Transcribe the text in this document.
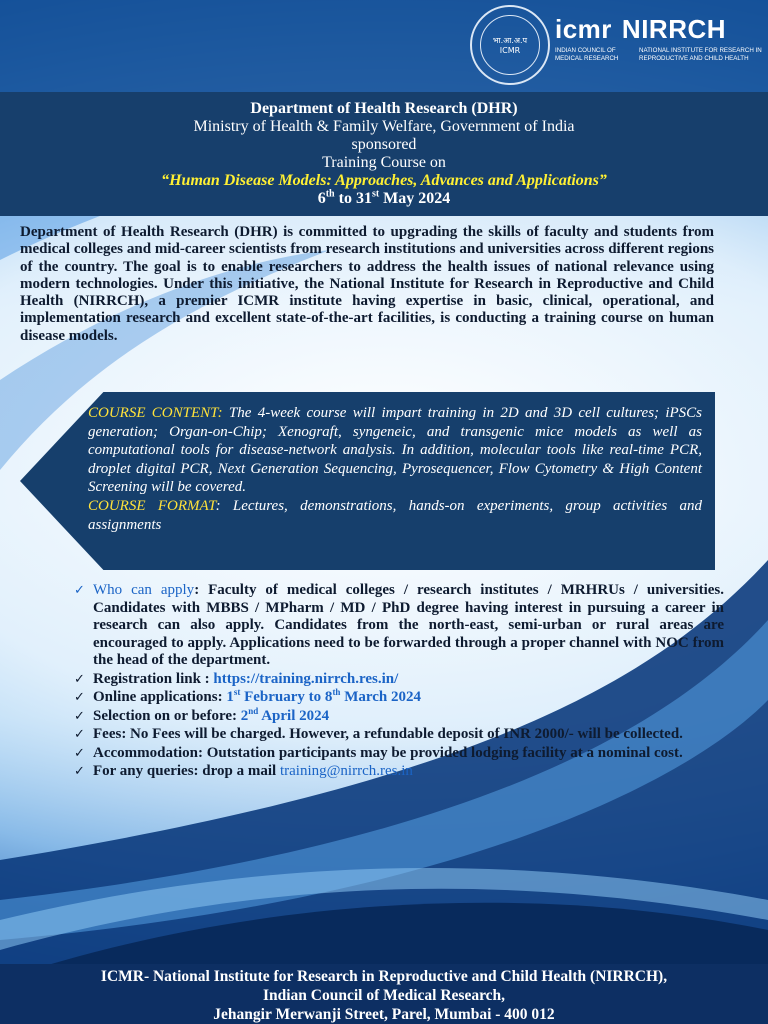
भा.आ.अ.प
ICMR
icmr NIRRCH
INDIAN COUNCIL OF MEDICAL RESEARCH
NATIONAL INSTITUTE FOR RESEARCH IN REPRODUCTIVE AND CHILD HEALTH
Department of Health Research (DHR)
Ministry of Health & Family Welfare, Government of India
sponsored
Training Course on
“Human Disease Models: Approaches, Advances and Applications”
6th to 31st May 2024
Department of Health Research (DHR) is committed to upgrading the skills of faculty and students from medical colleges and mid-career scientists from research institutions and universities across different regions of the country. The goal is to enable researchers to address the health issues of national relevance using modern technologies. Under this initiative, the National Institute for Research in Reproductive and Child Health (NIRRCH), a premier ICMR institute having expertise in basic, clinical, operational, and implementation research and excellent state-of-the-art facilities, is conducting a training course on human disease models.
COURSE CONTENT: The 4-week course will impart training in 2D and 3D cell cultures; iPSCs generation; Organ-on-Chip; Xenograft, syngeneic, and transgenic mice models as well as computational tools for disease-network analysis. In addition, molecular tools like real-time PCR, droplet digital PCR, Next Generation Sequencing, Pyrosequencer, Flow Cytometry & High Content Screening will be covered.
COURSE FORMAT: Lectures, demonstrations, hands-on experiments, group activities and assignments
✓ Who can apply: Faculty of medical colleges / research institutes / MRHRUs / universities. Candidates with MBBS / MPharm / MD / PhD degree having interest in pursuing a career in research can also apply. Candidates from the north-east, semi-urban or rural areas are encouraged to apply. Applications need to be forwarded through a proper channel with NOC from the head of the department.
✓ Registration link : https://training.nirrch.res.in/
✓ Online applications: 1st February to 8th March 2024
✓ Selection on or before: 2nd April 2024
✓ Fees: No Fees will be charged. However, a refundable deposit of INR 2000/- will be collected.
✓ Accommodation: Outstation participants may be provided lodging facility at a nominal cost.
✓ For any queries: drop a mail training@nirrch.res.in
ICMR- National Institute for Research in Reproductive and Child Health (NIRRCH),
Indian Council of Medical Research,
Jehangir Merwanji Street, Parel, Mumbai - 400 012
